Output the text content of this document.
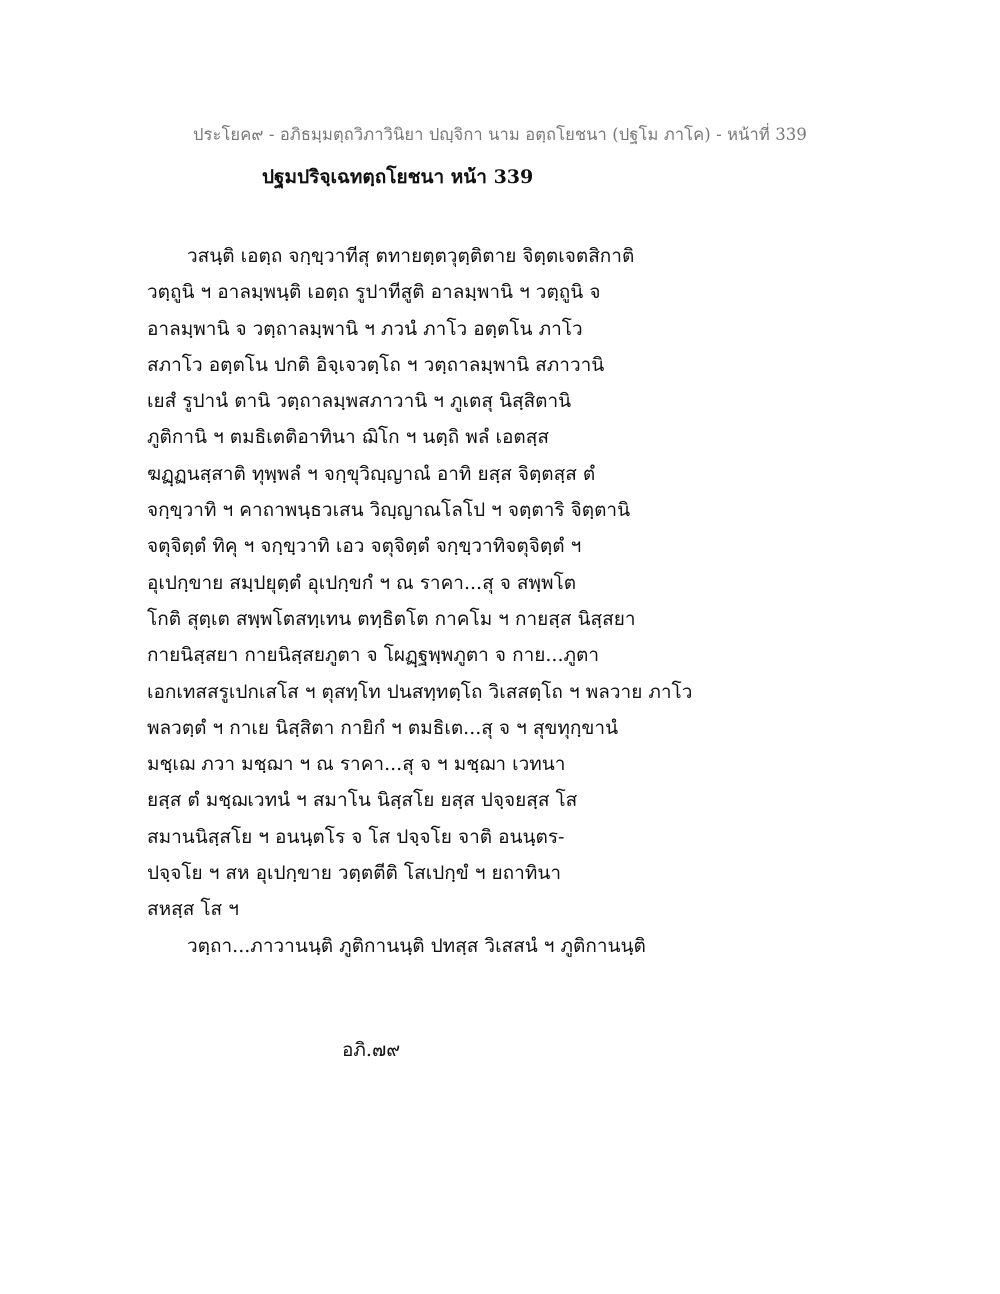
ประโยค๙ - อภิธมฺมตฺถวิภาวินิยา ปญฺจิกา นาม อตฺถโยชนา (ปฐโม ภาโค) - หน้าที่ 339
ปฐมปริจฺเฉทตฺถโยชนา หน้า 339
วสนฺติ เอตฺถ จกฺขฺวาทีสุ ตทายตฺตวุตฺติตาย จิตฺตเจตสิกาติ
วตฺถูนิ ฯ อาลมฺพนฺติ เอตฺถ รูปาทีสูติ อาลมฺพานิ ฯ วตฺถูนิ จ
อาลมฺพานิ จ วตฺถาลมฺพานิ ฯ ภวนํ ภาโว อตฺตโน ภาโว
สภาโว อตฺตโน ปกติ อิจฺเจวตฺโถ ฯ วตฺถาลมฺพานิ สภาวานิ
เยสํ รูปานํ ตานิ วตฺถาลมฺพสภาวานิ ฯ ภูเตสุ นิสฺสิตานิ
ภูติกานิ ฯ ตมธิเตติอาทินา ฌิโก ฯ นตฺถิ พลํ เอตสฺส
ฆฏฺฏนสฺสาติ ทุพฺพลํ ฯ จกฺขุวิญฺญาณํ อาทิ ยสฺส จิตฺตสฺส ตํ
จกฺขฺวาทิ ฯ คาถาพนฺธวเสน วิญฺญาณโลโป ฯ จตฺตาริ จิตฺตานิ
จตุจิตฺตํ ทิคุ ฯ จกฺขฺวาทิ เอว จตุจิตฺตํ จกฺขฺวาทิจตุจิตฺตํ ฯ
อุเปกฺขาย สมฺปยุตฺตํ อุเปกฺขกํ ฯ ณ ราคา...สุ จ สพฺพโต
โกติ สุตฺเต สพฺพโตสทฺเทน ตทฺธิตโต กาคโม ฯ กายสฺส นิสฺสยา
กายนิสฺสยา กายนิสฺสยภูตา จ โผฏฺฐพฺพภูตา จ กาย...ภูตา
เอกเทสสรูเปกเสโส ฯ ตุสทฺโท ปนสทฺทตฺโถ วิเสสตฺโถ ฯ พลวาย ภาโว
พลวตฺตํ ฯ กาเย นิสฺสิตา กายิกํ ฯ ตมธิเต...สุ จ ฯ สุขทุกฺขานํ
มชฺเฌ ภวา มชฺฌา ฯ ณ ราคา...สุ จ ฯ มชฺฌา เวทนา
ยสฺส ตํ มชฺฌเวทนํ ฯ สมาโน นิสฺสโย ยสฺส ปจฺจยสฺส โส
สมานนิสฺสโย ฯ อนนฺตโร จ โส ปจฺจโย จาติ อนนฺตร-
ปจฺจโย ฯ สห อุเปกฺขาย วตฺตตีติ โสเปกฺขํ ฯ ยถาทินา
สหสฺส โส ฯ
วตฺถา...ภาวานนฺติ ภูติกานนฺติ ปทสฺส วิเสสนํ ฯ ภูติกานนฺติ
อภิ.๗๙
